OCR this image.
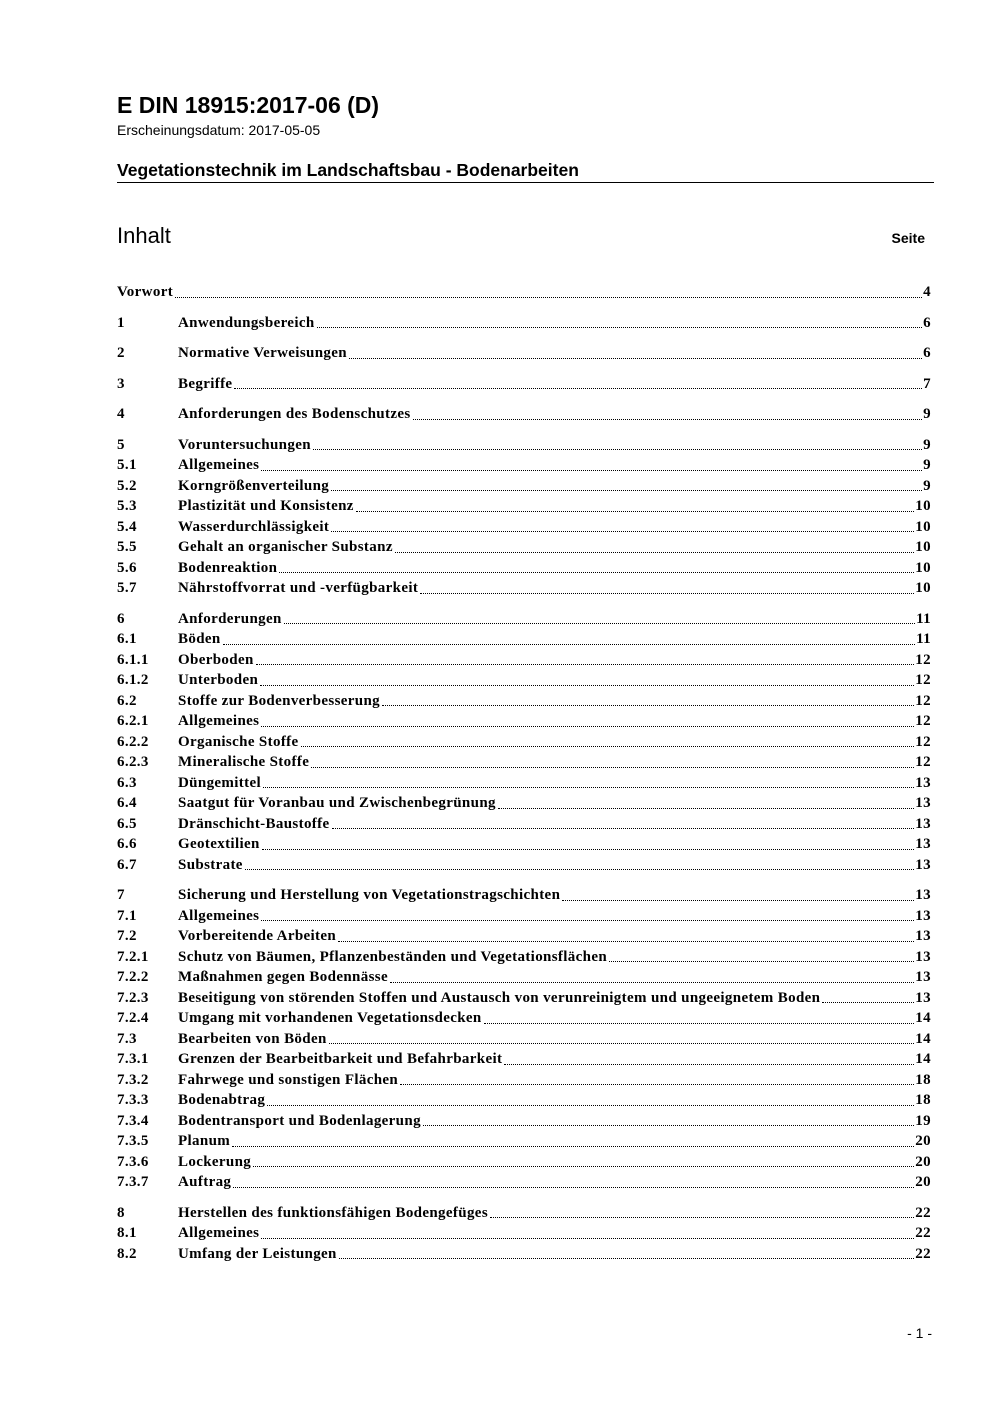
E DIN 18915:2017-06 (D)
Erscheinungsdatum: 2017-05-05
Vegetationstechnik im Landschaftsbau - Bodenarbeiten
Inhalt	Seite
Vorwort	4
1	Anwendungsbereich	6
2	Normative Verweisungen	6
3	Begriffe	7
4	Anforderungen des Bodenschutzes	9
5	Voruntersuchungen	9
5.1	Allgemeines	9
5.2	Korngrößenverteilung	9
5.3	Plastizität und Konsistenz	10
5.4	Wasserdurchlässigkeit	10
5.5	Gehalt an organischer Substanz	10
5.6	Bodenreaktion	10
5.7	Nährstoffvorrat und -verfügbarkeit	10
6	Anforderungen	11
6.1	Böden	11
6.1.1	Oberboden	12
6.1.2	Unterboden	12
6.2	Stoffe zur Bodenverbesserung	12
6.2.1	Allgemeines	12
6.2.2	Organische Stoffe	12
6.2.3	Mineralische Stoffe	12
6.3	Düngemittel	13
6.4	Saatgut für Voranbau und Zwischenbegrünung	13
6.5	Dränschicht-Baustoffe	13
6.6	Geotextilien	13
6.7	Substrate	13
7	Sicherung und Herstellung von Vegetationstragschichten	13
7.1	Allgemeines	13
7.2	Vorbereitende Arbeiten	13
7.2.1	Schutz von Bäumen, Pflanzenbeständen und Vegetationsflächen	13
7.2.2	Maßnahmen gegen Bodennässe	13
7.2.3	Beseitigung von störenden Stoffen und Austausch von verunreinigtem und ungeeignetem Boden	13
7.2.4	Umgang mit vorhandenen Vegetationsdecken	14
7.3	Bearbeiten von Böden	14
7.3.1	Grenzen der Bearbeitbarkeit und Befahrbarkeit	14
7.3.2	Fahrwege und sonstigen Flächen	18
7.3.3	Bodenabtrag	18
7.3.4	Bodentransport und Bodenlagerung	19
7.3.5	Planum	20
7.3.6	Lockerung	20
7.3.7	Auftrag	20
8	Herstellen des funktionsfähigen Bodengefüges	22
8.1	Allgemeines	22
8.2	Umfang der Leistungen	22
- 1 -
